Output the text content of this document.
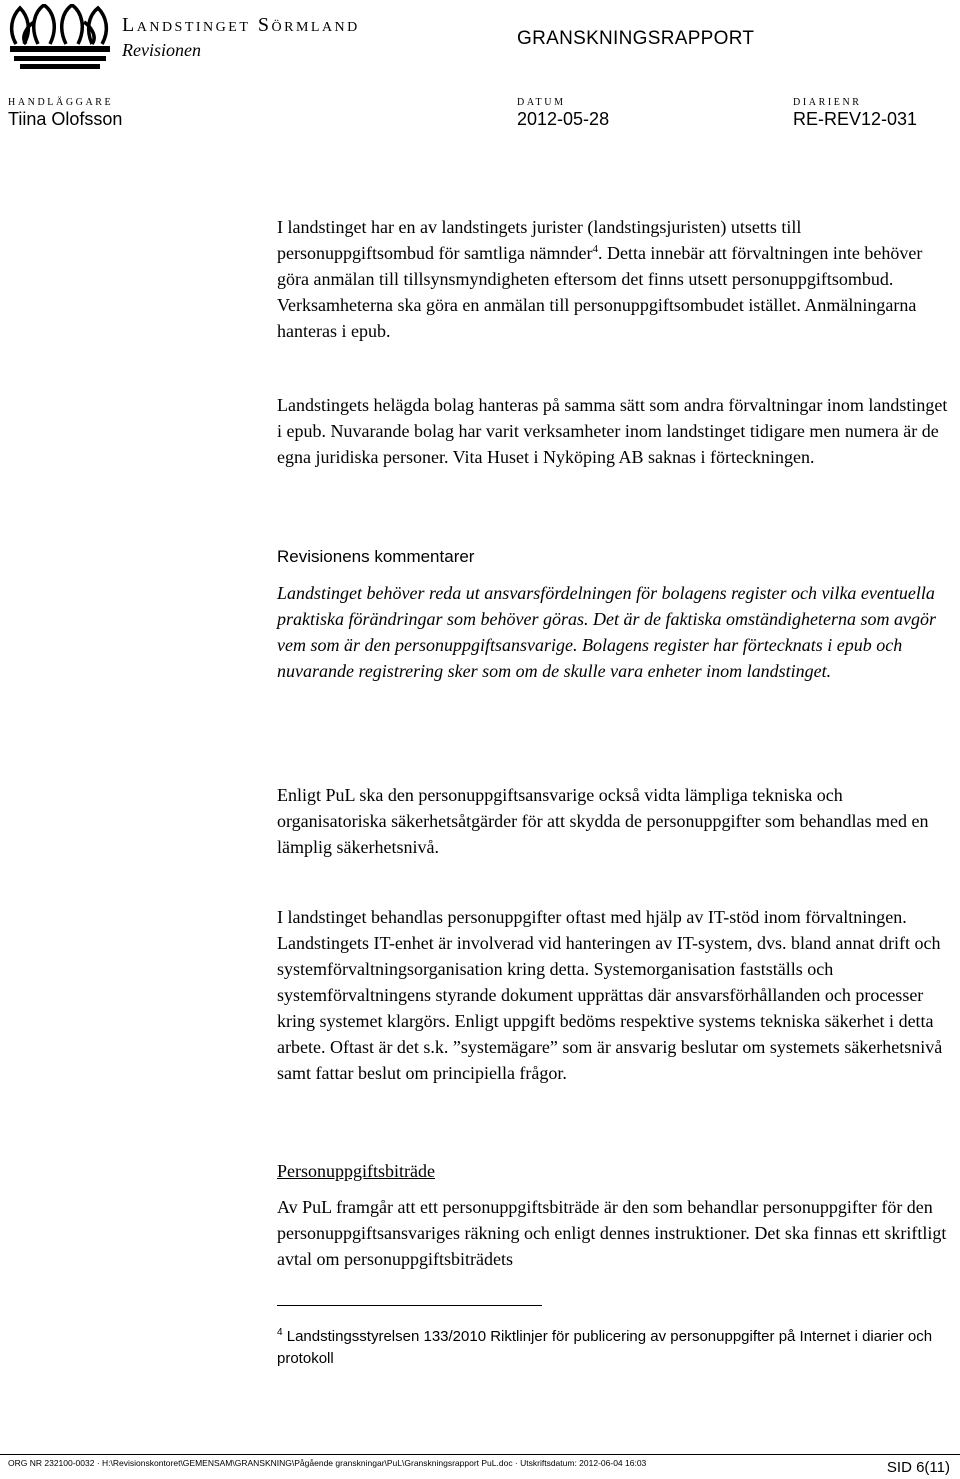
Landstinget Sörmland
Revisionen
GRANSKNINGSRAPPORT
HANDLÄGGARE
Tiina Olofsson
DATUM
2012-05-28
DIARIENR
RE-REV12-031

I landstinget har en av landstingets jurister (landstingsjuristen) utsetts till personuppgiftsombud för samtliga nämnder$^4$. Detta innebär att förvaltningen inte behöver göra anmälan till tillsynsmyndigheten eftersom det finns utsett personuppgiftsombud. Verksamheterna ska göra en anmälan till personuppgiftsombudet istället. Anmälningarna hanteras i epub.

Landstingets helägda bolag hanteras på samma sätt som andra förvaltningar inom landstinget i epub. Nuvarande bolag har varit verksamheter inom landstinget tidigare men numera är de egna juridiska personer. Vita Huset i Nyköping AB saknas i förteckningen.

Revisionens kommentarer
Landstinget behöver reda ut ansvarsfördelningen för bolagens register och vilka eventuella praktiska förändringar som behöver göras. Det är de faktiska omständigheterna som avgör vem som är den personuppgiftsansvarige. Bolagens register har förtecknats i epub och nuvarande registrering sker som om de skulle vara enheter inom landstinget.
Enligt PuL ska den personuppgiftsansvarige också vidta lämpliga tekniska och organisatoriska säkerhetsåtgärder för att skydda de personuppgifter som behandlas med en lämplig säkerhetsnivå.
I landstinget behandlas personuppgifter oftast med hjälp av IT-stöd inom förvaltningen. Landstingets IT-enhet är involverad vid hanteringen av IT-system, dvs. bland annat drift och systemförvaltningsorganisation kring detta. Systemorganisation fastställs och systemförvaltningens styrande dokument upprättas där ansvarsförhållanden och processer kring systemet klargörs. Enligt uppgift bedöms respektive systems tekniska säkerhet i detta arbete. Oftast är det s.k. ”systemägare” som är ansvarig beslutar om systemets säkerhetsnivå samt fattar beslut om principiella frågor.
Personuppgiftsbiträde
Av PuL framgår att ett personuppgiftsbiträde är den som behandlar personuppgifter för den personuppgiftsansvariges räkning och enligt dennes instruktioner. Det ska finnas ett skriftligt avtal om personuppgiftsbiträdets
$^4$ Landstingsstyrelsen 133/2010 Riktlinjer för publicering av personuppgifter på Internet i diarier och protokoll
ORG NR 232100-0032 · H:\Revisionskontoret\GEMENSAM\GRANSKNING\Pågående granskningar\PuL\Granskningsrapport PuL.doc · Utskriftsdatum: 2012-06-04 16:03	SID 6(11)
